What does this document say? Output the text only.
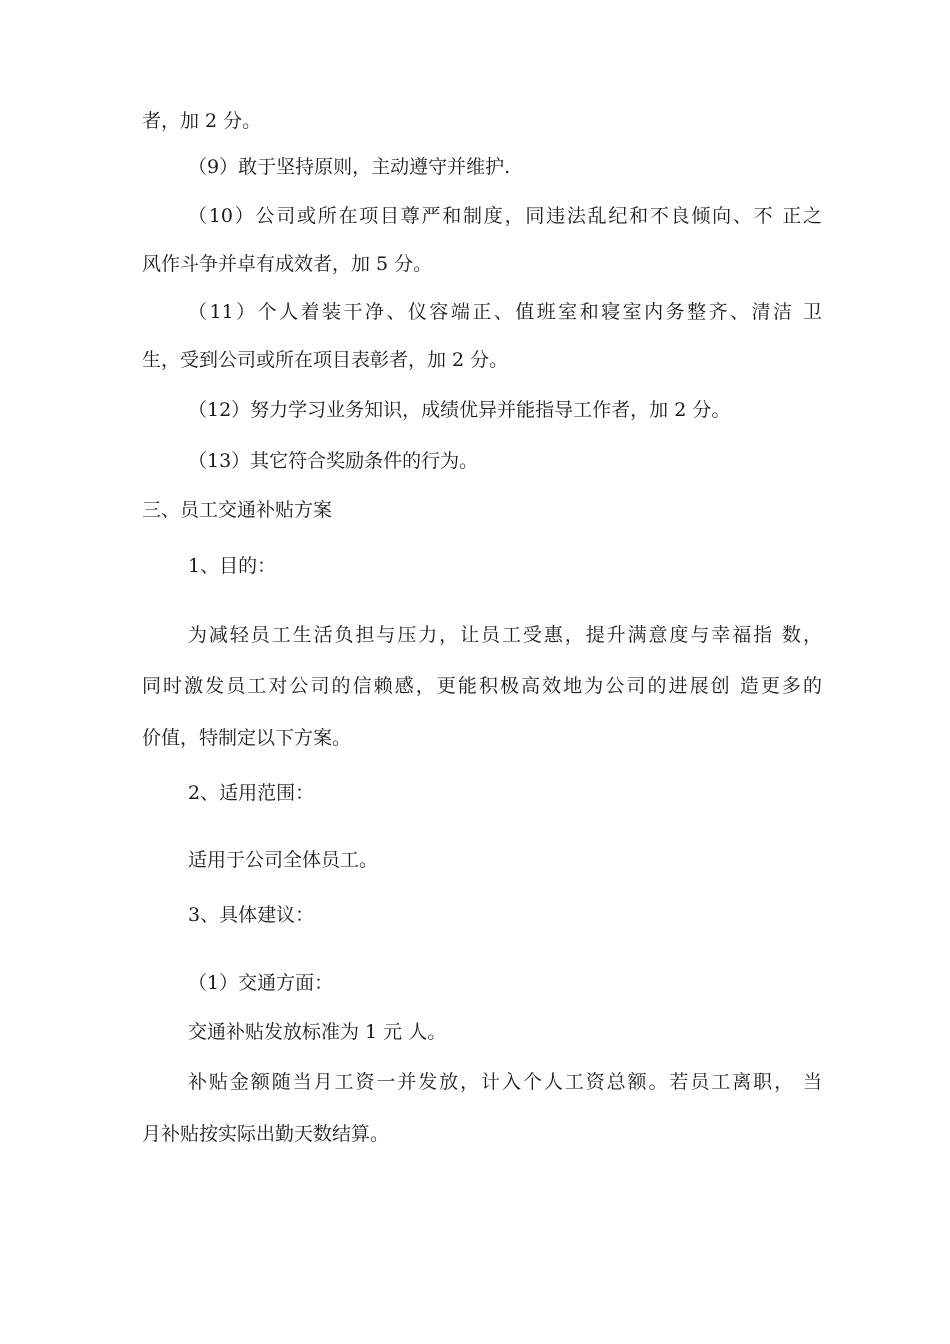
者，加 2 分。
（9）敢于坚持原则，主动遵守并维护.
（10）公司或所在项目尊严和制度，同违法乱纪和不良倾向、不 正之
风作斗争并卓有成效者，加 5 分。
（11）个人着装干净、仪容端正、值班室和寝室内务整齐、清洁 卫
生，受到公司或所在项目表彰者，加 2 分。
（12）努力学习业务知识，成绩优异并能指导工作者，加 2 分。
（13）其它符合奖励条件的行为。
三、员工交通补贴方案
1、目的：
为减轻员工生活负担与压力，让员工受惠，提升满意度与幸福指 数，
同时激发员工对公司的信赖感，更能积极高效地为公司的进展创 造更多的
价值，特制定以下方案。
2、适用范围：
适用于公司全体员工。
3、具体建议：
（1）交通方面：
交通补贴发放标准为 1 元 人。
补贴金额随当月工资一并发放，计入个人工资总额。若员工离职， 当
月补贴按实际出勤天数结算。
